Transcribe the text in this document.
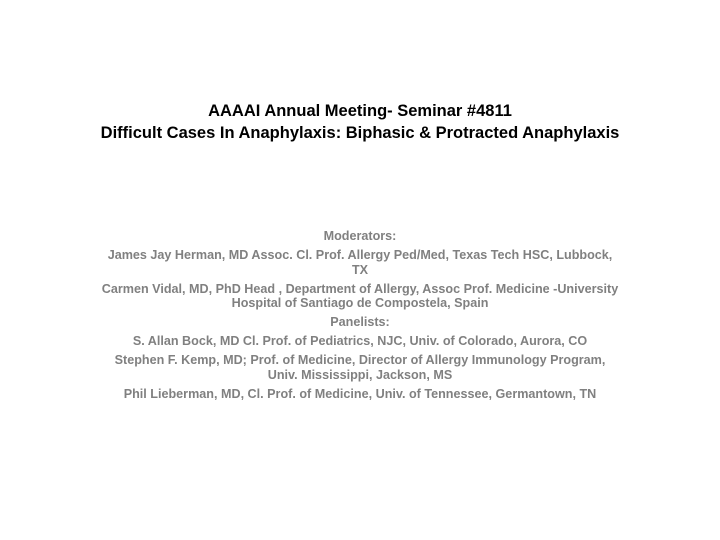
AAAAI Annual Meeting- Seminar #4811
Difficult Cases In Anaphylaxis: Biphasic & Protracted Anaphylaxis

Moderators:

James Jay Herman, MD Assoc. Cl. Prof. Allergy Ped/Med, Texas Tech HSC, Lubbock, TX

Carmen Vidal, MD, PhD Head , Department of Allergy, Assoc Prof. Medicine -University Hospital of Santiago de Compostela, Spain

Panelists:

S. Allan Bock, MD Cl. Prof. of Pediatrics, NJC, Univ. of Colorado, Aurora, CO

Stephen F. Kemp, MD; Prof. of Medicine, Director of Allergy Immunology Program, Univ. Mississippi, Jackson, MS

Phil Lieberman, MD, Cl. Prof. of Medicine, Univ. of Tennessee, Germantown, TN
